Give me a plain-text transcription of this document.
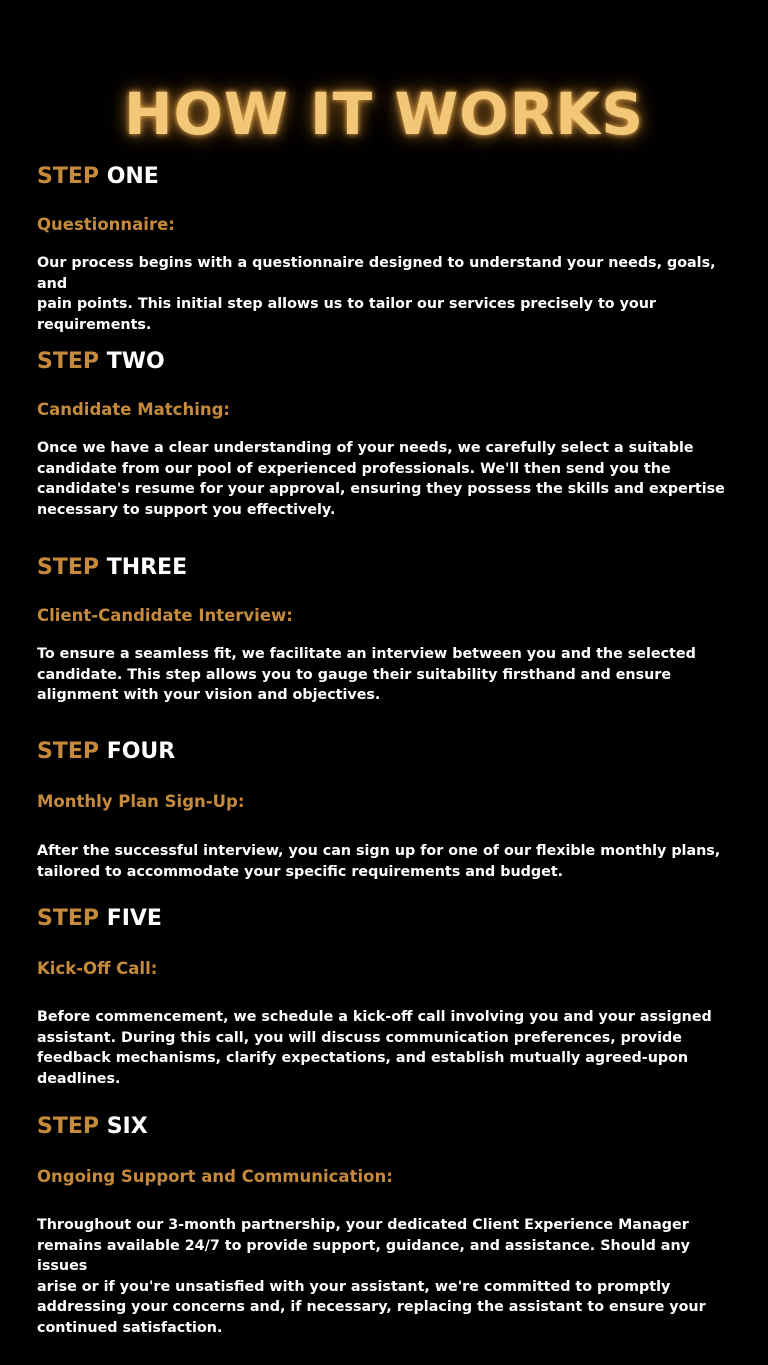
HOW IT WORKS
STEP ONE
Questionnaire:

Our process begins with a questionnaire designed to understand your needs, goals, and
pain points. This initial step allows us to tailor our services precisely to your
requirements.

STEP TWO
Candidate Matching:

Once we have a clear understanding of your needs, we carefully select a suitable
candidate from our pool of experienced professionals. We'll then send you the
candidate's resume for your approval, ensuring they possess the skills and expertise
necessary to support you effectively.

STEP THREE
Client-Candidate Interview:

To ensure a seamless fit, we facilitate an interview between you and the selected
candidate. This step allows you to gauge their suitability firsthand and ensure
alignment with your vision and objectives.

STEP FOUR
Monthly Plan Sign-Up:

After the successful interview, you can sign up for one of our flexible monthly plans,
tailored to accommodate your specific requirements and budget.

STEP FIVE
Kick-Off Call:

Before commencement, we schedule a kick-off call involving you and your assigned
assistant. During this call, you will discuss communication preferences, provide
feedback mechanisms, clarify expectations, and establish mutually agreed-upon
deadlines.

STEP SIX
Ongoing Support and Communication:

Throughout our 3-month partnership, your dedicated Client Experience Manager
remains available 24/7 to provide support, guidance, and assistance. Should any issues
arise or if you're unsatisfied with your assistant, we're committed to promptly
addressing your concerns and, if necessary, replacing the assistant to ensure your
continued satisfaction.
